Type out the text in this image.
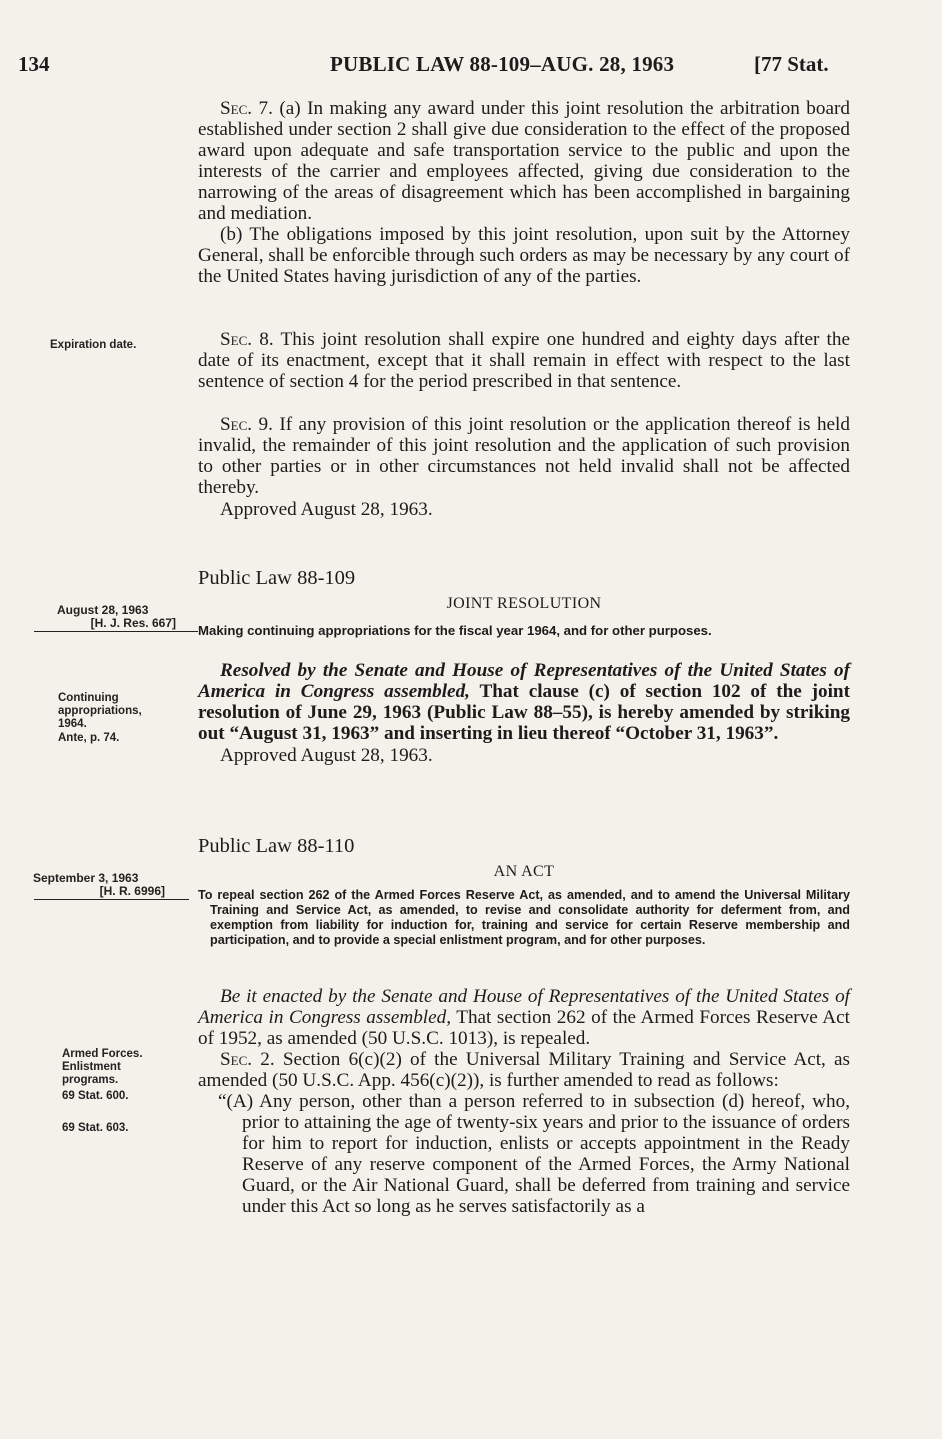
134	PUBLIC LAW 88-109–AUG. 28, 1963	[77 Stat.

Sec. 7. (a) In making any award under this joint resolution the arbitration board established under section 2 shall give due consideration to the effect of the proposed award upon adequate and safe transportation service to the public and upon the interests of the carrier and employees affected, giving due consideration to the narrowing of the areas of disagreement which has been accomplished in bargaining and mediation.

(b) The obligations imposed by this joint resolution, upon suit by the Attorney General, shall be enforcible through such orders as may be necessary by any court of the United States having jurisdiction of any of the parties.

Sec. 8. This joint resolution shall expire one hundred and eighty days after the date of its enactment, except that it shall remain in effect with respect to the last sentence of section 4 for the period prescribed in that sentence.

Sec. 9. If any provision of this joint resolution or the application thereof is held invalid, the remainder of this joint resolution and the application of such provision to other parties or in other circumstances not held invalid shall not be affected thereby.

Approved August 28, 1963.

Public Law 88-109

JOINT RESOLUTION

Making continuing appropriations for the fiscal year 1964, and for other purposes.

Resolved by the Senate and House of Representatives of the United States of America in Congress assembled, That clause (c) of section 102 of the joint resolution of June 29, 1963 (Public Law 88–55), is hereby amended by striking out “August 31, 1963” and inserting in lieu thereof “October 31, 1963”.

Approved August 28, 1963.

Public Law 88-110

AN ACT

To repeal section 262 of the Armed Forces Reserve Act, as amended, and to amend the Universal Military Training and Service Act, as amended, to revise and consolidate authority for deferment from, and exemption from liability for induction for, training and service for certain Reserve membership and participation, and to provide a special enlistment program, and for other purposes.

Be it enacted by the Senate and House of Representatives of the United States of America in Congress assembled, That section 262 of the Armed Forces Reserve Act of 1952, as amended (50 U.S.C. 1013), is repealed.

Sec. 2. Section 6(c)(2) of the Universal Military Training and Service Act, as amended (50 U.S.C. App. 456(c)(2)), is further amended to read as follows:

“(A) Any person, other than a person referred to in subsection (d) hereof, who, prior to attaining the age of twenty-six years and prior to the issuance of orders for him to report for induction, enlists or accepts appointment in the Ready Reserve of any reserve component of the Armed Forces, the Army National Guard, or the Air National Guard, shall be deferred from training and service under this Act so long as he serves satisfactorily as a

Expiration date.
August 28, 1963
[H. J. Res. 667]
Continuing appropriations, 1964.
Ante, p. 74.
September 3, 1963
[H. R. 6996]
Armed Forces. Enlistment programs.
69 Stat. 600.
69 Stat. 603.
